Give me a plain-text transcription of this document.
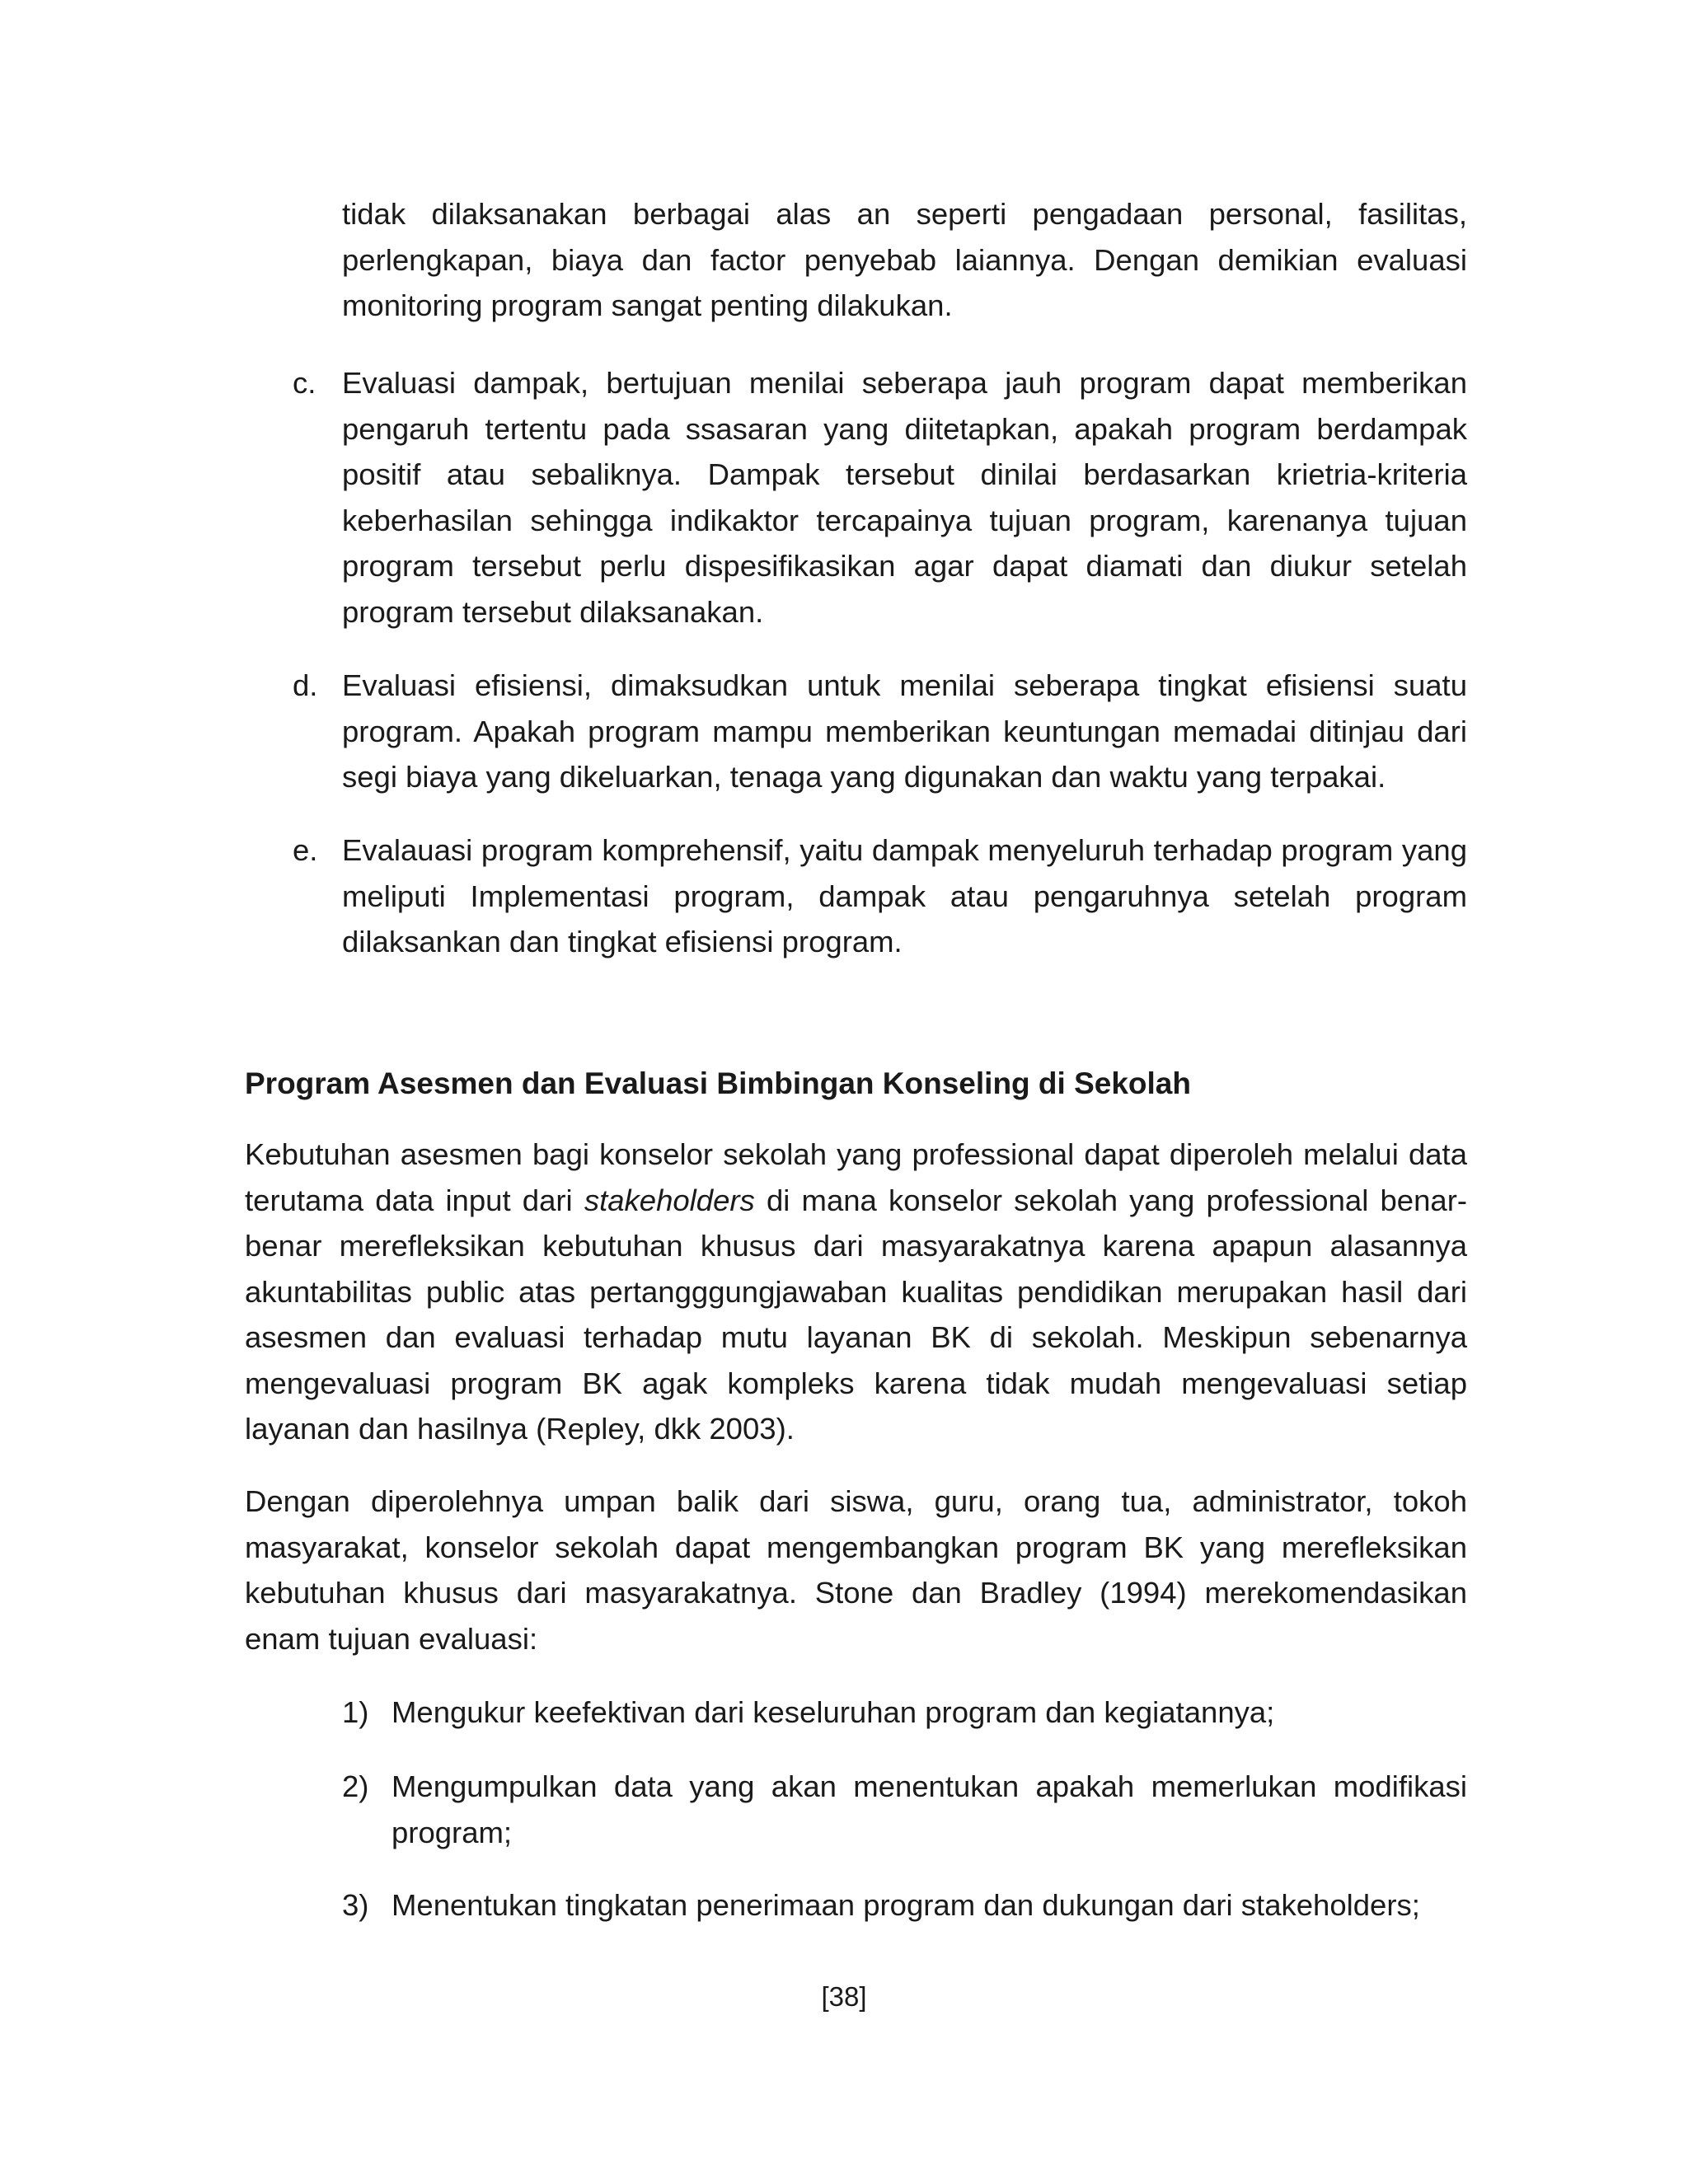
tidak dilaksanakan berbagai alas an seperti pengadaan personal, fasilitas, perlengkapan, biaya dan factor penyebab laiannya. Dengan demikian evaluasi monitoring program sangat penting dilakukan.

c. Evaluasi dampak, bertujuan menilai seberapa jauh program dapat memberikan pengaruh tertentu pada ssasaran yang diitetapkan, apakah program berdampak positif atau sebaliknya. Dampak tersebut dinilai berdasarkan krietria-kriteria keberhasilan sehingga indikaktor tercapainya tujuan program, karenanya tujuan program tersebut perlu dispesifikasikan agar dapat diamati dan diukur setelah program tersebut dilaksanakan.
d. Evaluasi efisiensi, dimaksudkan untuk menilai seberapa tingkat efisiensi suatu program. Apakah program mampu memberikan keuntungan memadai ditinjau dari segi biaya yang dikeluarkan, tenaga yang digunakan dan waktu yang terpakai.
e. Evalauasi program komprehensif, yaitu dampak menyeluruh terhadap program yang meliputi Implementasi program, dampak atau pengaruhnya setelah program dilaksankan dan tingkat efisiensi program.
Program Asesmen dan Evaluasi Bimbingan Konseling di Sekolah

Kebutuhan asesmen bagi konselor sekolah yang professional dapat diperoleh melalui data terutama data input dari stakeholders di mana konselor sekolah yang professional benar-benar merefleksikan kebutuhan khusus dari masyarakatnya karena apapun alasannya akuntabilitas public atas pertangggungjawaban kualitas pendidikan merupakan hasil dari asesmen dan evaluasi terhadap mutu layanan BK di sekolah. Meskipun sebenarnya mengevaluasi program BK agak kompleks karena tidak mudah mengevaluasi setiap layanan dan hasilnya (Repley, dkk 2003).

Dengan diperolehnya umpan balik dari siswa, guru, orang tua, administrator, tokoh masyarakat, konselor sekolah dapat mengembangkan program BK yang merefleksikan kebutuhan khusus dari masyarakatnya. Stone dan Bradley (1994) merekomendasikan enam tujuan evaluasi:

1) Mengukur keefektivan dari keseluruhan program dan kegiatannya;
2) Mengumpulkan data yang akan menentukan apakah memerlukan modifikasi program;
3) Menentukan tingkatan penerimaan program dan dukungan dari stakeholders;
[38]
